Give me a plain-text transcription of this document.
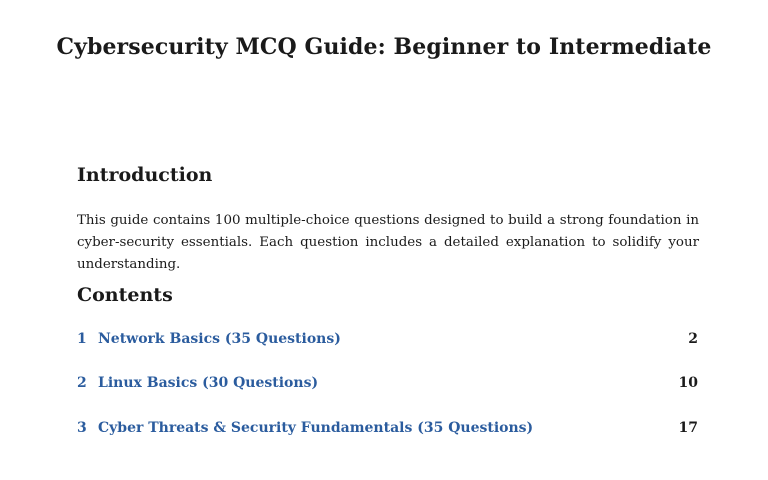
Cybersecurity MCQ Guide: Beginner to Intermediate
Introduction

This guide contains 100 multiple-choice questions designed to build a strong foundation in cyber-security essentials. Each question includes a detailed explanation to solidify your understanding.

Contents
1 Network Basics (35 Questions)	2
2 Linux Basics (30 Questions)	10
3 Cyber Threats & Security Fundamentals (35 Questions)	17
